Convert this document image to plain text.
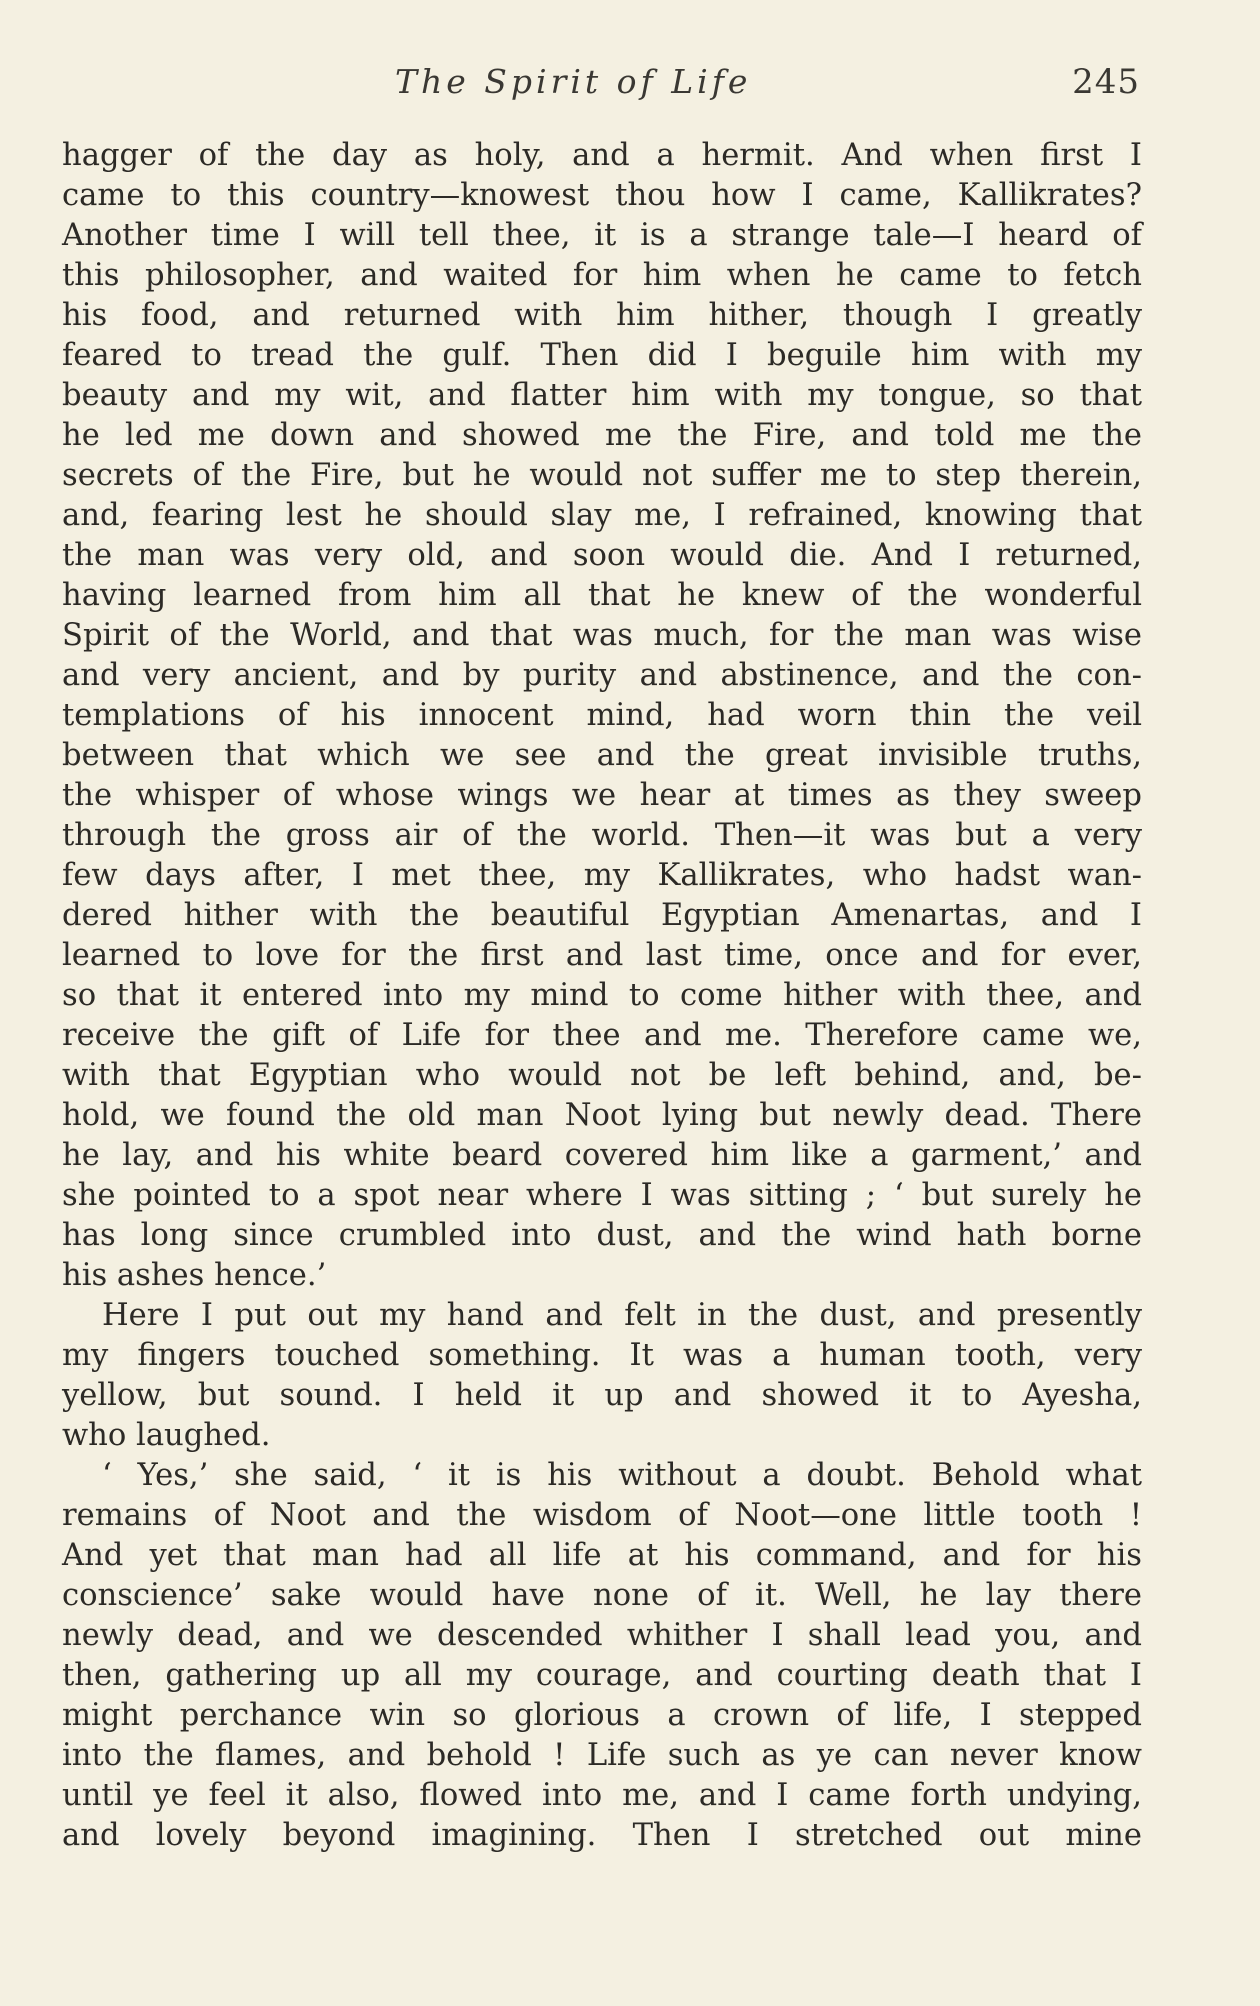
The Spirit of Life	245
hagger of the day as holy, and a hermit. And when first I
came to this country—knowest thou how I came, Kallikrates?
Another time I will tell thee, it is a strange tale—I heard of
this philosopher, and waited for him when he came to fetch
his food, and returned with him hither, though I greatly
feared to tread the gulf. Then did I beguile him with my
beauty and my wit, and flatter him with my tongue, so that
he led me down and showed me the Fire, and told me the
secrets of the Fire, but he would not suffer me to step therein,
and, fearing lest he should slay me, I refrained, knowing that
the man was very old, and soon would die. And I returned,
having learned from him all that he knew of the wonderful
Spirit of the World, and that was much, for the man was wise
and very ancient, and by purity and abstinence, and the con-
templations of his innocent mind, had worn thin the veil
between that which we see and the great invisible truths,
the whisper of whose wings we hear at times as they sweep
through the gross air of the world. Then—it was but a very
few days after, I met thee, my Kallikrates, who hadst wan-
dered hither with the beautiful Egyptian Amenartas, and I
learned to love for the first and last time, once and for ever,
so that it entered into my mind to come hither with thee, and
receive the gift of Life for thee and me. Therefore came we,
with that Egyptian who would not be left behind, and, be-
hold, we found the old man Noot lying but newly dead. There
he lay, and his white beard covered him like a garment,’ and
she pointed to a spot near where I was sitting ; ‘ but surely he
has long since crumbled into dust, and the wind hath borne
his ashes hence.’
Here I put out my hand and felt in the dust, and presently
my fingers touched something. It was a human tooth, very
yellow, but sound. I held it up and showed it to Ayesha,
who laughed.
‘ Yes,’ she said, ‘ it is his without a doubt. Behold what
remains of Noot and the wisdom of Noot—one little tooth !
And yet that man had all life at his command, and for his
conscience’ sake would have none of it. Well, he lay there
newly dead, and we descended whither I shall lead you, and
then, gathering up all my courage, and courting death that I
might perchance win so glorious a crown of life, I stepped
into the flames, and behold ! Life such as ye can never know
until ye feel it also, flowed into me, and I came forth undying,
and lovely beyond imagining. Then I stretched out mine
